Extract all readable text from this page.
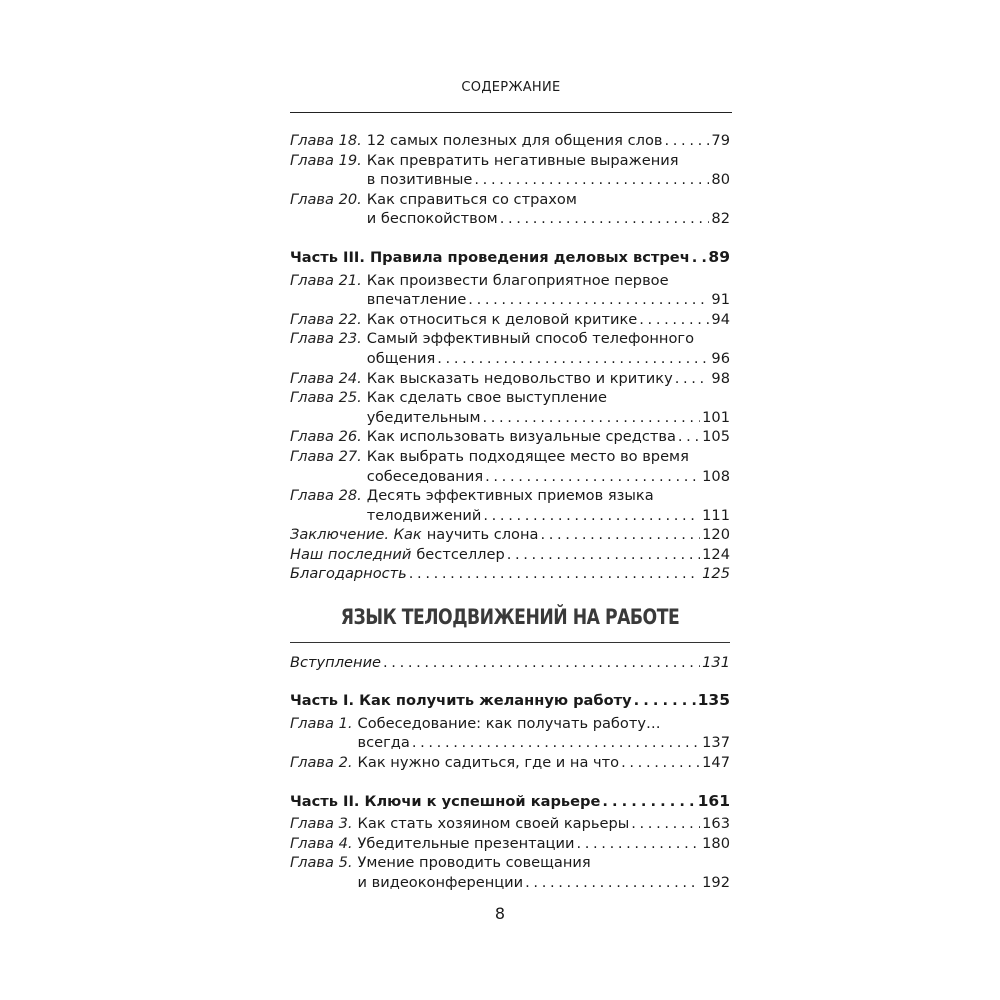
СОДЕРЖАНИЕ
Глава 18. 12 самых полезных для общения слов . . .	79
Глава 19. Как превратить негативные выражения
в позитивные . . .	80
Глава 20. Как справиться со страхом
и беспокойством . . .	82
Часть III. Правила проведения деловых встреч . . . 89
Глава 21. Как произвести благоприятное первое
впечатление . . .	91
Глава 22. Как относиться к деловой критике . . .	94
Глава 23. Самый эффективный способ телефонного
общения . . .	96
Глава 24. Как высказать недовольство и критику . . .	98
Глава 25. Как сделать свое выступление
убедительным . . .	101
Глава 26. Как использовать визуальные средства . . . 105
Глава 27. Как выбрать подходящее место во время
собеседования . . .	108
Глава 28. Десять эффективных приемов языка
телодвижений . . .	111
Заключение. Как научить слона . . .	120
Наш последний бестселлер . . .	124
Благодарность . . .	125
ЯЗЫК ТЕЛОДВИЖЕНИЙ НА РАБОТЕ
Вступление . . .	131
Часть I. Как получить желанную работу . . .	135
Глава 1. Собеседование: как получать работу…
всегда . . .	137
Глава 2. Как нужно садиться, где и на что . . .	147
Часть II. Ключи к успешной карьере . . .	161
Глава 3. Как стать хозяином своей карьеры . . .	163
Глава 4. Убедительные презентации . . .	180
Глава 5. Умение проводить совещания
и видеоконференции . . .	192
8
